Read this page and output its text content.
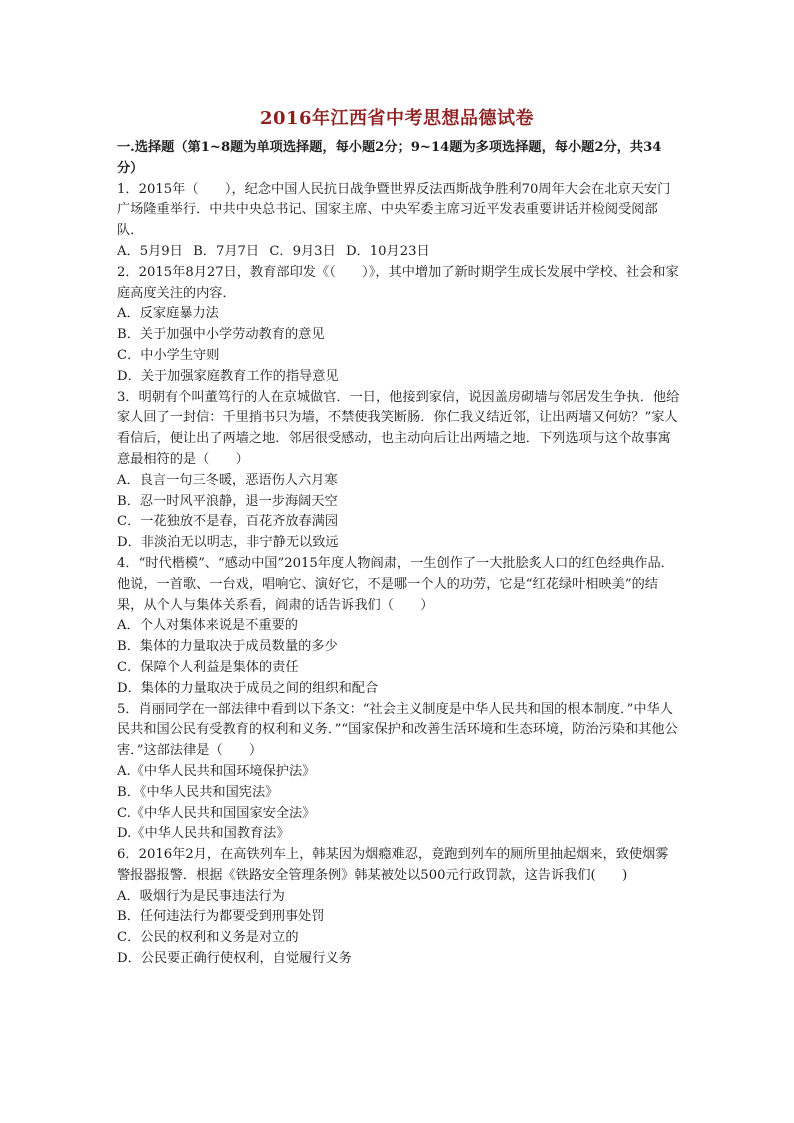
2016年江西省中考思想品德试卷

一.选择题（第1~8题为单项选择题，每小题2分；9~14题为多项选择题，每小题2分，共34分）

1．2015年（　　），纪念中国人民抗日战争暨世界反法西斯战争胜利70周年大会在北京天安门广场隆重举行．中共中央总书记、国家主席、中央军委主席习近平发表重要讲话并检阅受阅部队．

A．5月9日 B．7月7日 C．9月3日 D．10月23日

2．2015年8月27日，教育部印发《（　　）》，其中增加了新时期学生成长发展中学校、社会和家庭高度关注的内容．

A．反家庭暴力法

B．关于加强中小学劳动教育的意见

C．中小学生守则

D．关于加强家庭教育工作的指导意见

3．明朝有个叫董笃行的人在京城做官．一日，他接到家信，说因盖房砌墙与邻居发生争执．他给家人回了一封信：千里捎书只为墙，不禁使我笑断肠．你仁我义结近邻，让出两墙又何妨？”家人看信后，便让出了两墙之地．邻居很受感动，也主动向后让出两墙之地．下列选项与这个故事寓意最相符的是（　　）

A．良言一句三冬暖，恶语伤人六月寒

B．忍一时风平浪静，退一步海阔天空

C．一花独放不是春，百花齐放春满园

D．非淡泊无以明志，非宁静无以致远

4．“时代楷模”、“感动中国”2015年度人物阎肃，一生创作了一大批脍炙人口的红色经典作品．他说，一首歌、一台戏，唱响它、演好它，不是哪一个人的功劳，它是“红花绿叶相映美”的结果，从个人与集体关系看，阎肃的话告诉我们（　　）

A．个人对集体来说是不重要的

B．集体的力量取决于成员数量的多少

C．保障个人利益是集体的责任

D．集体的力量取决于成员之间的组织和配合

5．肖丽同学在一部法律中看到以下条文：“社会主义制度是中华人民共和国的根本制度．”中华人民共和国公民有受教育的权利和义务．”“国家保护和改善生活环境和生态环境，防治污染和其他公害．”这部法律是（　　）

A.《中华人民共和国环境保护法》

B．《中华人民共和国宪法》

C.《中华人民共和国国家安全法》

D.《中华人民共和国教育法》

6．2016年2月，在高铁列车上，韩某因为烟瘾难忍，竟跑到列车的厕所里抽起烟来，致使烟雾警报器报警．根据《铁路安全管理条例》韩某被处以500元行政罚款，这告诉我们(　　)

A．吸烟行为是民事违法行为

B．任何违法行为都要受到刑事处罚

C．公民的权利和义务是对立的

D．公民要正确行使权利，自觉履行义务
